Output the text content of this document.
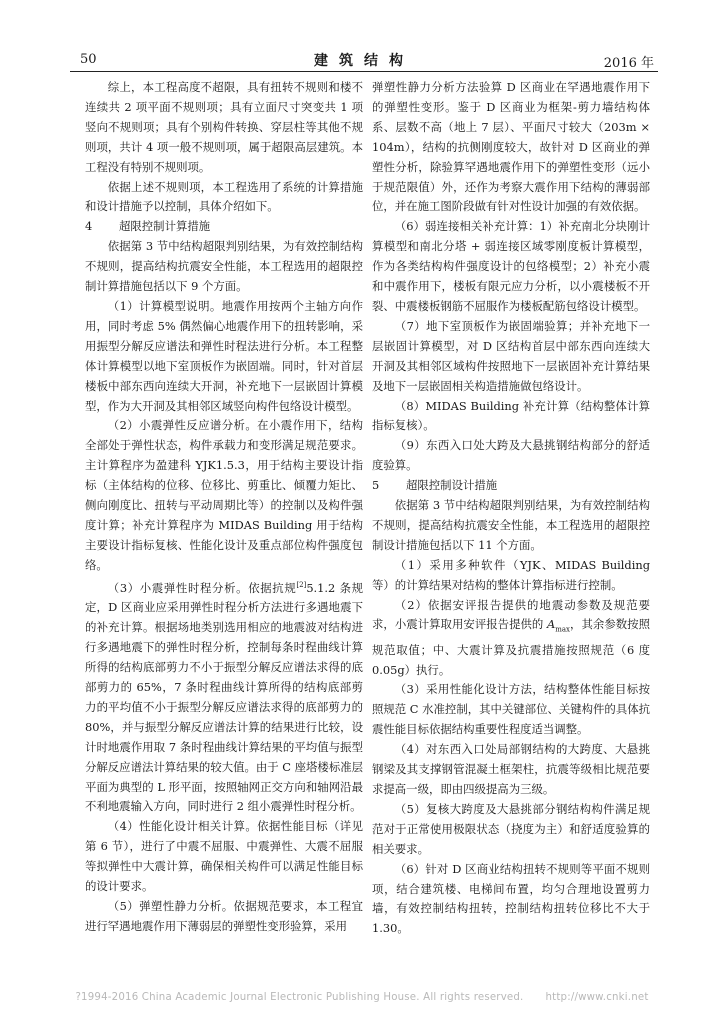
50	建筑结构	2016 年

综上，本工程高度不超限，具有扭转不规则和楼不连续共 2 项平面不规则项；具有立面尺寸突变共 1 项竖向不规则项；具有个别构件转换、穿层柱等其他不规则项，共计 4 项一般不规则项，属于超限高层建筑。本工程没有特别不规则项。

依据上述不规则项，本工程选用了系统的计算措施和设计措施予以控制，具体介绍如下。

4 超限控制计算措施

依据第 3 节中结构超限判别结果，为有效控制结构不规则，提高结构抗震安全性能，本工程选用的超限控制计算措施包括以下 9 个方面。

（1）计算模型说明。地震作用按两个主轴方向作用，同时考虑 5% 偶然偏心地震作用下的扭转影响，采用振型分解反应谱法和弹性时程法进行分析。本工程整体计算模型以地下室顶板作为嵌固端。同时，针对首层楼板中部东西向连续大开洞，补充地下一层嵌固计算模型，作为大开洞及其相邻区域竖向构件包络设计模型。

（2）小震弹性反应谱分析。在小震作用下，结构全部处于弹性状态，构件承载力和变形满足规范要求。主计算程序为盈建科 YJK1.5.3，用于结构主要设计指标（主体结构的位移、位移比、剪重比、倾覆力矩比、侧向刚度比、扭转与平动周期比等）的控制以及构件强度计算；补充计算程序为 MIDAS Building 用于结构主要设计指标复核、性能化设计及重点部位构件强度包络。

（3）小震弹性时程分析。依据抗规[2]5.1.2 条规定，D 区商业应采用弹性时程分析方法进行多遇地震下的补充计算。根据场地类别选用相应的地震波对结构进行多遇地震下的弹性时程分析，控制每条时程曲线计算所得的结构底部剪力不小于振型分解反应谱法求得的底部剪力的 65%，7 条时程曲线计算所得的结构底部剪力的平均值不小于振型分解反应谱法求得的底部剪力的 80%，并与振型分解反应谱法计算的结果进行比较，设计时地震作用取 7 条时程曲线计算结果的平均值与振型分解反应谱法计算结果的较大值。由于 C 座塔楼标准层平面为典型的 L 形平面，按照轴网正交方向和轴网沿最不利地震输入方向，同时进行 2 组小震弹性时程分析。

（4）性能化设计相关计算。依据性能目标（详见第 6 节），进行了中震不屈服、中震弹性、大震不屈服等拟弹性中大震计算，确保相关构件可以满足性能目标的设计要求。

（5）弹塑性静力分析。依据规范要求，本工程宜进行罕遇地震作用下薄弱层的弹塑性变形验算，采用

弹塑性静力分析方法验算 D 区商业在罕遇地震作用下的弹塑性变形。鉴于 D 区商业为框架-剪力墙结构体系、层数不高（地上 7 层）、平面尺寸较大（203m × 104m），结构的抗侧刚度较大，故针对 D 区商业的弹塑性分析，除验算罕遇地震作用下的弹塑性变形（远小于规范限值）外，还作为考察大震作用下结构的薄弱部位，并在施工图阶段做有针对性设计加强的有效依据。

（6）弱连接相关补充计算：1）补充南北分块刚计算模型和南北分塔 + 弱连接区域零刚度板计算模型，作为各类结构构件强度设计的包络模型；2）补充小震和中震作用下，楼板有限元应力分析，以小震楼板不开裂、中震楼板钢筋不屈服作为楼板配筋包络设计模型。

（7）地下室顶板作为嵌固端验算；并补充地下一层嵌固计算模型，对 D 区结构首层中部东西向连续大开洞及其相邻区域构件按照地下一层嵌固补充计算结果及地下一层嵌固相关构造措施做包络设计。

（8）MIDAS Building 补充计算（结构整体计算指标复核）。

（9）东西入口处大跨及大悬挑钢结构部分的舒适度验算。

5 超限控制设计措施

依据第 3 节中结构超限判别结果，为有效控制结构不规则，提高结构抗震安全性能，本工程选用的超限控制设计措施包括以下 11 个方面。

（1）采用多种软件（YJK、MIDAS Building 等）的计算结果对结构的整体计算指标进行控制。

（2）依据安评报告提供的地震动参数及规范要求，小震计算取用安评报告提供的 $A_{max}$，其余参数按照规范取值；中、大震计算及抗震措施按照规范（6 度 0.05g）执行。

（3）采用性能化设计方法，结构整体性能目标按照规范 C 水准控制，其中关键部位、关键构件的具体抗震性能目标依据结构重要性程度适当调整。

（4）对东西入口处局部钢结构的大跨度、大悬挑钢梁及其支撑钢管混凝土框架柱，抗震等级相比规范要求提高一级，即由四级提高为三级。

（5）复核大跨度及大悬挑部分钢结构构件满足规范对于正常使用极限状态（挠度为主）和舒适度验算的相关要求。

（6）针对 D 区商业结构扭转不规则等平面不规则项，结合建筑楼、电梯间布置，均匀合理地设置剪力墙，有效控制结构扭转，控制结构扭转位移比不大于 1.30。

?1994-2016 China Academic Journal Electronic Publishing House. All rights reserved. http://www.cnki.net
